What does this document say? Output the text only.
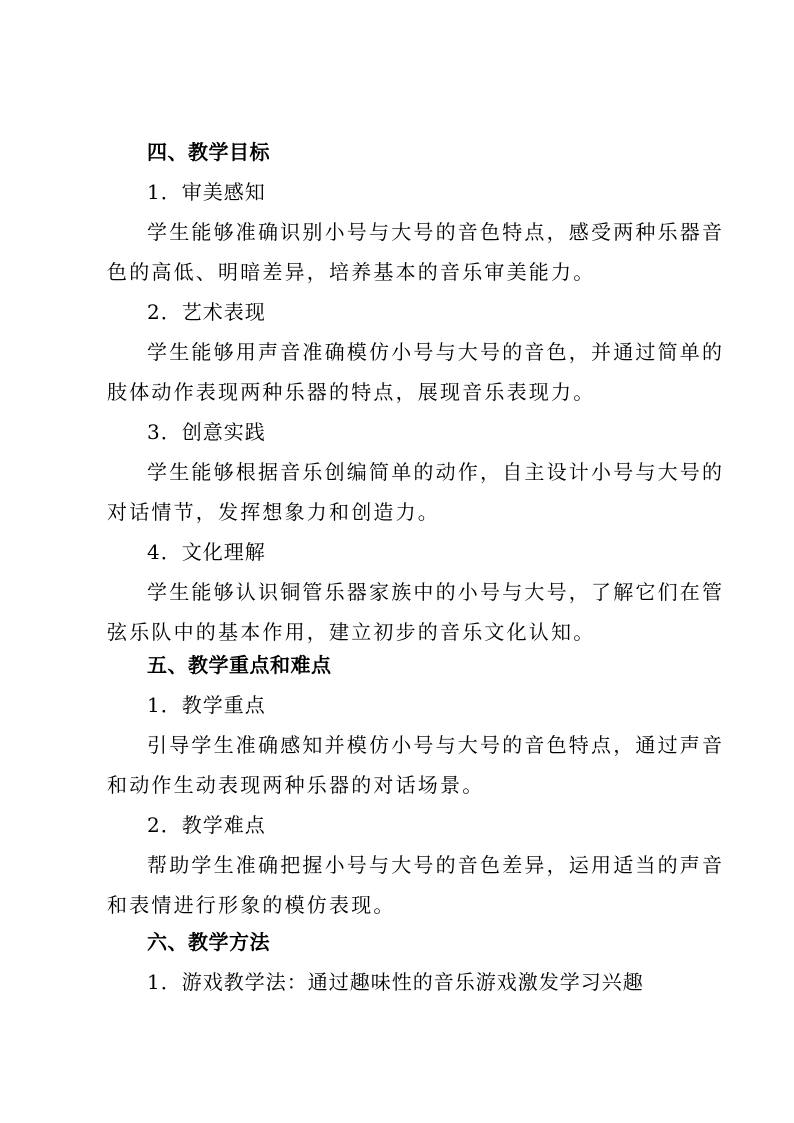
四、教学目标
1．审美感知
学生能够准确识别小号与大号的音色特点，感受两种乐器音
色的高低、明暗差异，培养基本的音乐审美能力。
2．艺术表现
学生能够用声音准确模仿小号与大号的音色，并通过简单的
肢体动作表现两种乐器的特点，展现音乐表现力。
3．创意实践
学生能够根据音乐创编简单的动作，自主设计小号与大号的
对话情节，发挥想象力和创造力。
4．文化理解
学生能够认识铜管乐器家族中的小号与大号，了解它们在管
弦乐队中的基本作用，建立初步的音乐文化认知。
五、教学重点和难点
1．教学重点
引导学生准确感知并模仿小号与大号的音色特点，通过声音
和动作生动表现两种乐器的对话场景。
2．教学难点
帮助学生准确把握小号与大号的音色差异，运用适当的声音
和表情进行形象的模仿表现。
六、教学方法
1．游戏教学法：通过趣味性的音乐游戏激发学习兴趣
